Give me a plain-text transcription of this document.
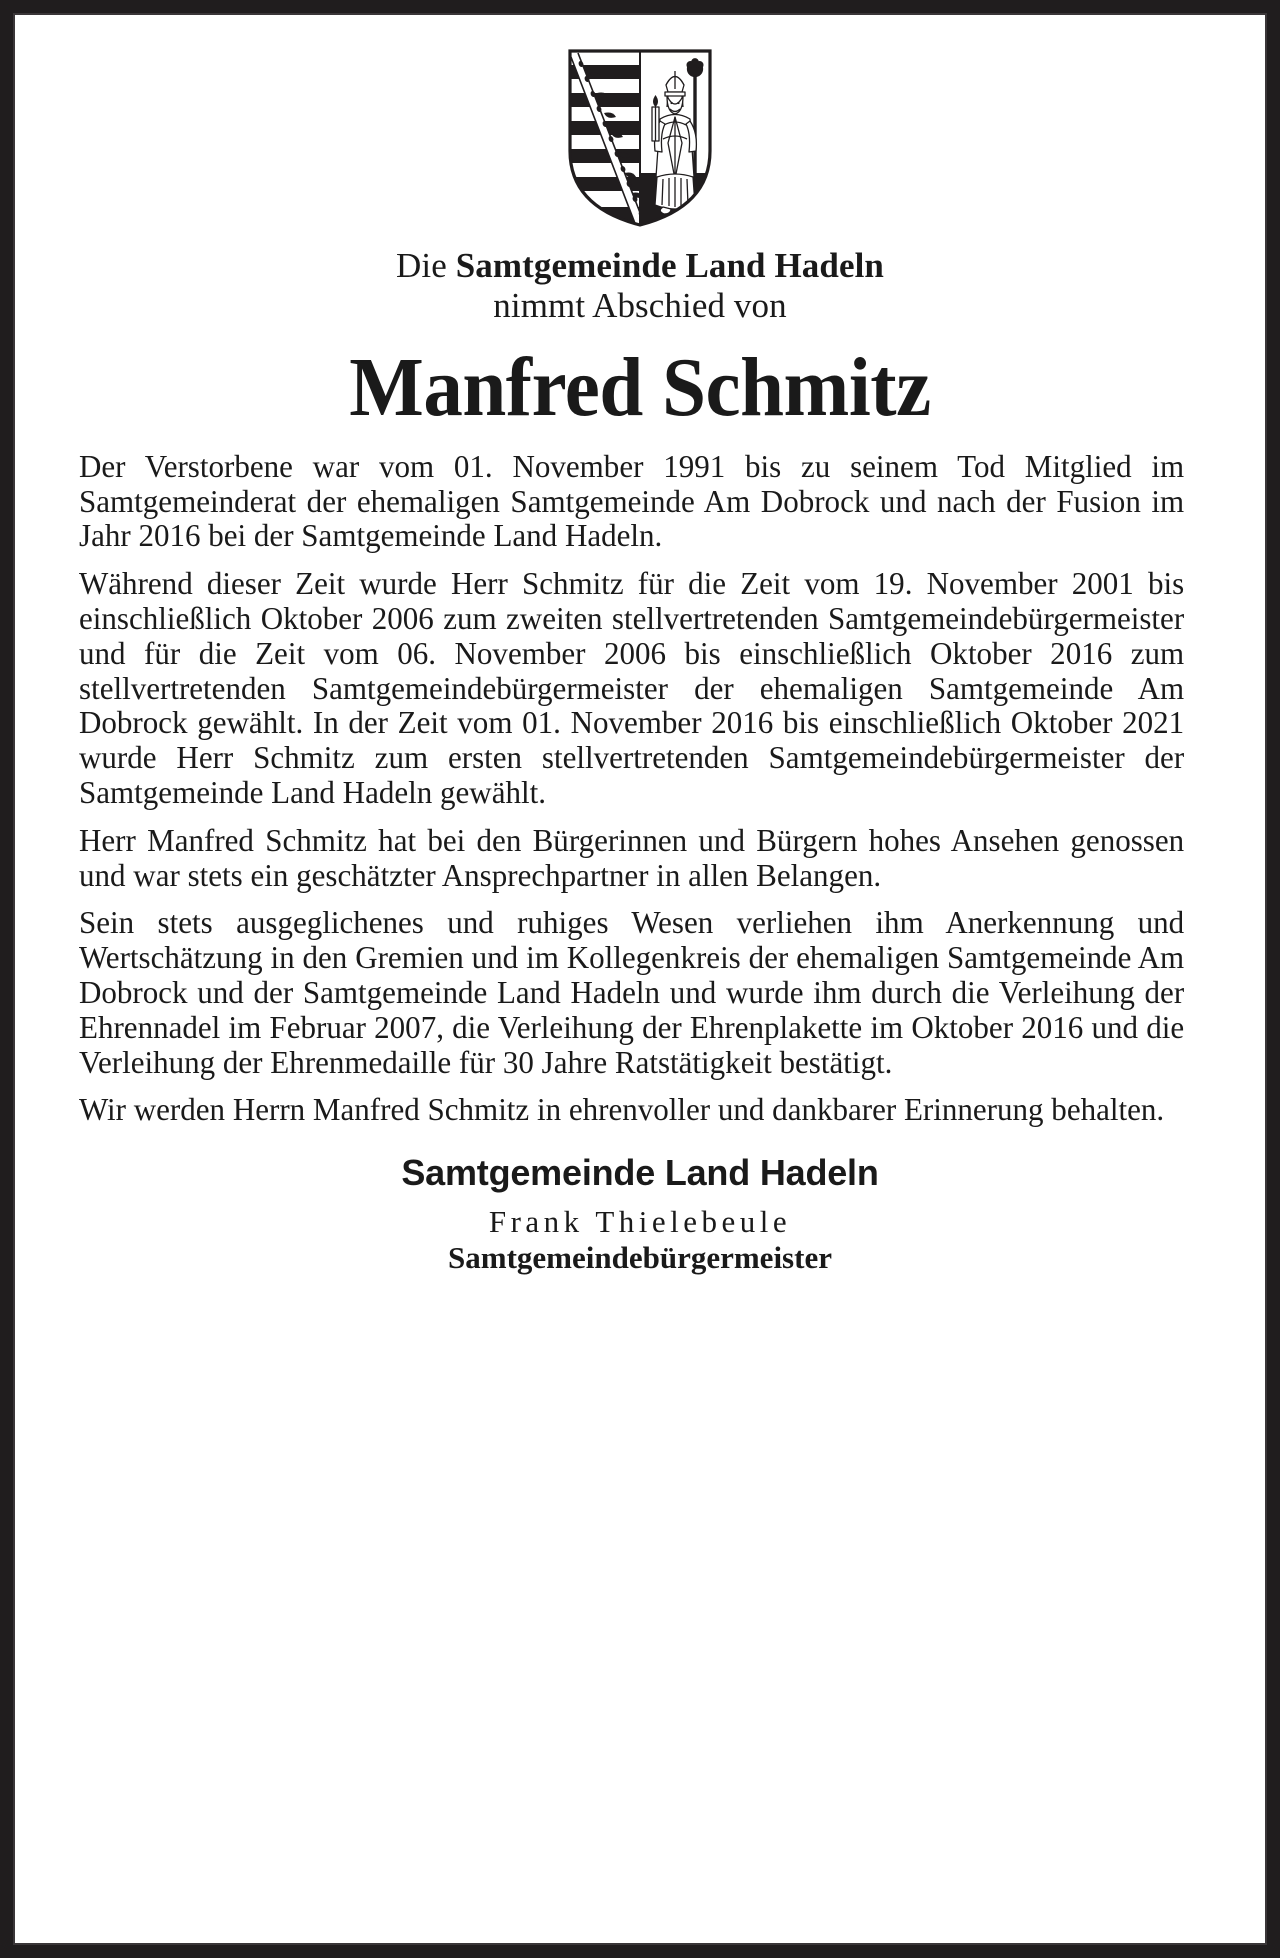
Die Samtgemeinde Land Hadeln
nimmt Abschied von
Manfred Schmitz

Der Verstorbene war vom 01. November 1991 bis zu seinem Tod Mitglied im Samtgemeinderat der ehemaligen Samtgemeinde Am Dobrock und nach der Fusion im Jahr 2016 bei der Samtgemeinde Land Hadeln.

Während dieser Zeit wurde Herr Schmitz für die Zeit vom 19. November 2001 bis einschließlich Oktober 2006 zum zweiten stellvertretenden Samtgemeindebürgermeister und für die Zeit vom 06. November 2006 bis einschließlich Oktober 2016 zum stellvertretenden Samtgemeindebürgermeister der ehemaligen Samtgemeinde Am Dobrock gewählt. In der Zeit vom 01. November 2016 bis einschließlich Oktober 2021 wurde Herr Schmitz zum ersten stellvertretenden Samtgemeindebürgermeister der Samtgemeinde Land Hadeln gewählt.

Herr Manfred Schmitz hat bei den Bürgerinnen und Bürgern hohes Ansehen genossen und war stets ein geschätzter Ansprechpartner in allen Belangen.

Sein stets ausgeglichenes und ruhiges Wesen verliehen ihm Anerkennung und Wertschätzung in den Gremien und im Kollegenkreis der ehemaligen Samtgemeinde Am Dobrock und der Samtgemeinde Land Hadeln und wurde ihm durch die Verleihung der Ehrennadel im Februar 2007, die Verleihung der Ehrenplakette im Oktober 2016 und die Verleihung der Ehrenmedaille für 30 Jahre Ratstätigkeit bestätigt.

Wir werden Herrn Manfred Schmitz in ehrenvoller und dankbarer Erinnerung behalten.

Samtgemeinde Land Hadeln
Frank Thielebeule
Samtgemeindebürgermeister
